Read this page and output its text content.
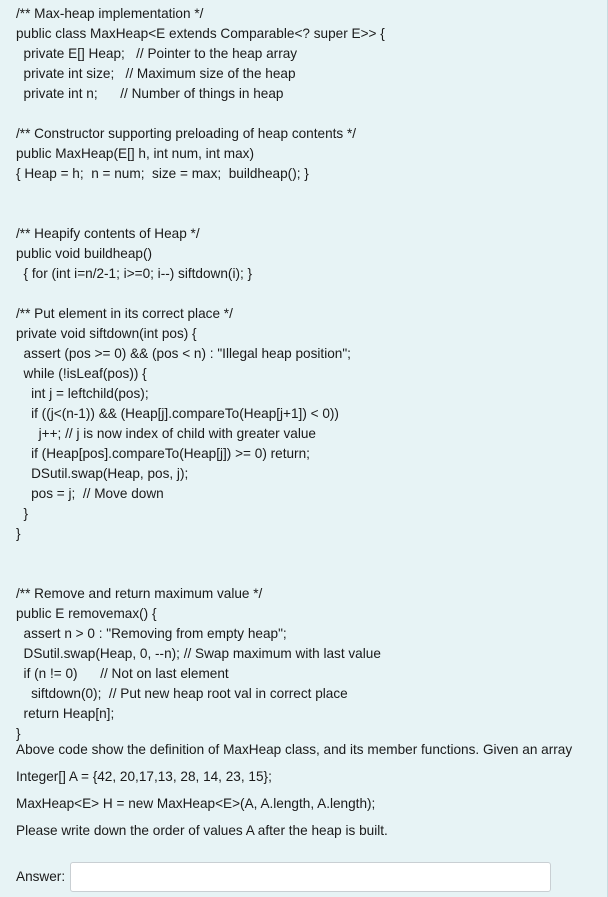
/** Max-heap implementation */
public class MaxHeap<E extends Comparable<? super E>> {
private E[] Heap;   // Pointer to the heap array
private int size;   // Maximum size of the heap
private int n;      // Number of things in heap
/** Constructor supporting preloading of heap contents */
public MaxHeap(E[] h, int num, int max)
{ Heap = h;  n = num;  size = max;  buildheap(); }
/** Heapify contents of Heap */
public void buildheap()
{ for (int i=n/2-1; i>=0; i--) siftdown(i); }
/** Put element in its correct place */
private void siftdown(int pos) {
assert (pos >= 0) && (pos < n) : "Illegal heap position";
while (!isLeaf(pos)) {
int j = leftchild(pos);
if ((j<(n-1)) && (Heap[j].compareTo(Heap[j+1]) < 0))
j++; // j is now index of child with greater value
if (Heap[pos].compareTo(Heap[j]) >= 0) return;
DSutil.swap(Heap, pos, j);
pos = j;  // Move down
}
}
/** Remove and return maximum value */
public E removemax() {
assert n > 0 : "Removing from empty heap";
DSutil.swap(Heap, 0, --n); // Swap maximum with last value
if (n != 0)      // Not on last element
siftdown(0);  // Put new heap root val in correct place
return Heap[n];
}
Above code show the definition of MaxHeap class, and its member functions. Given an array
Integer[] A = {42, 20,17,13, 28, 14, 23, 15};
MaxHeap<E> H = new MaxHeap<E>(A, A.length, A.length);
Please write down the order of values A after the heap is built.
Answer:
